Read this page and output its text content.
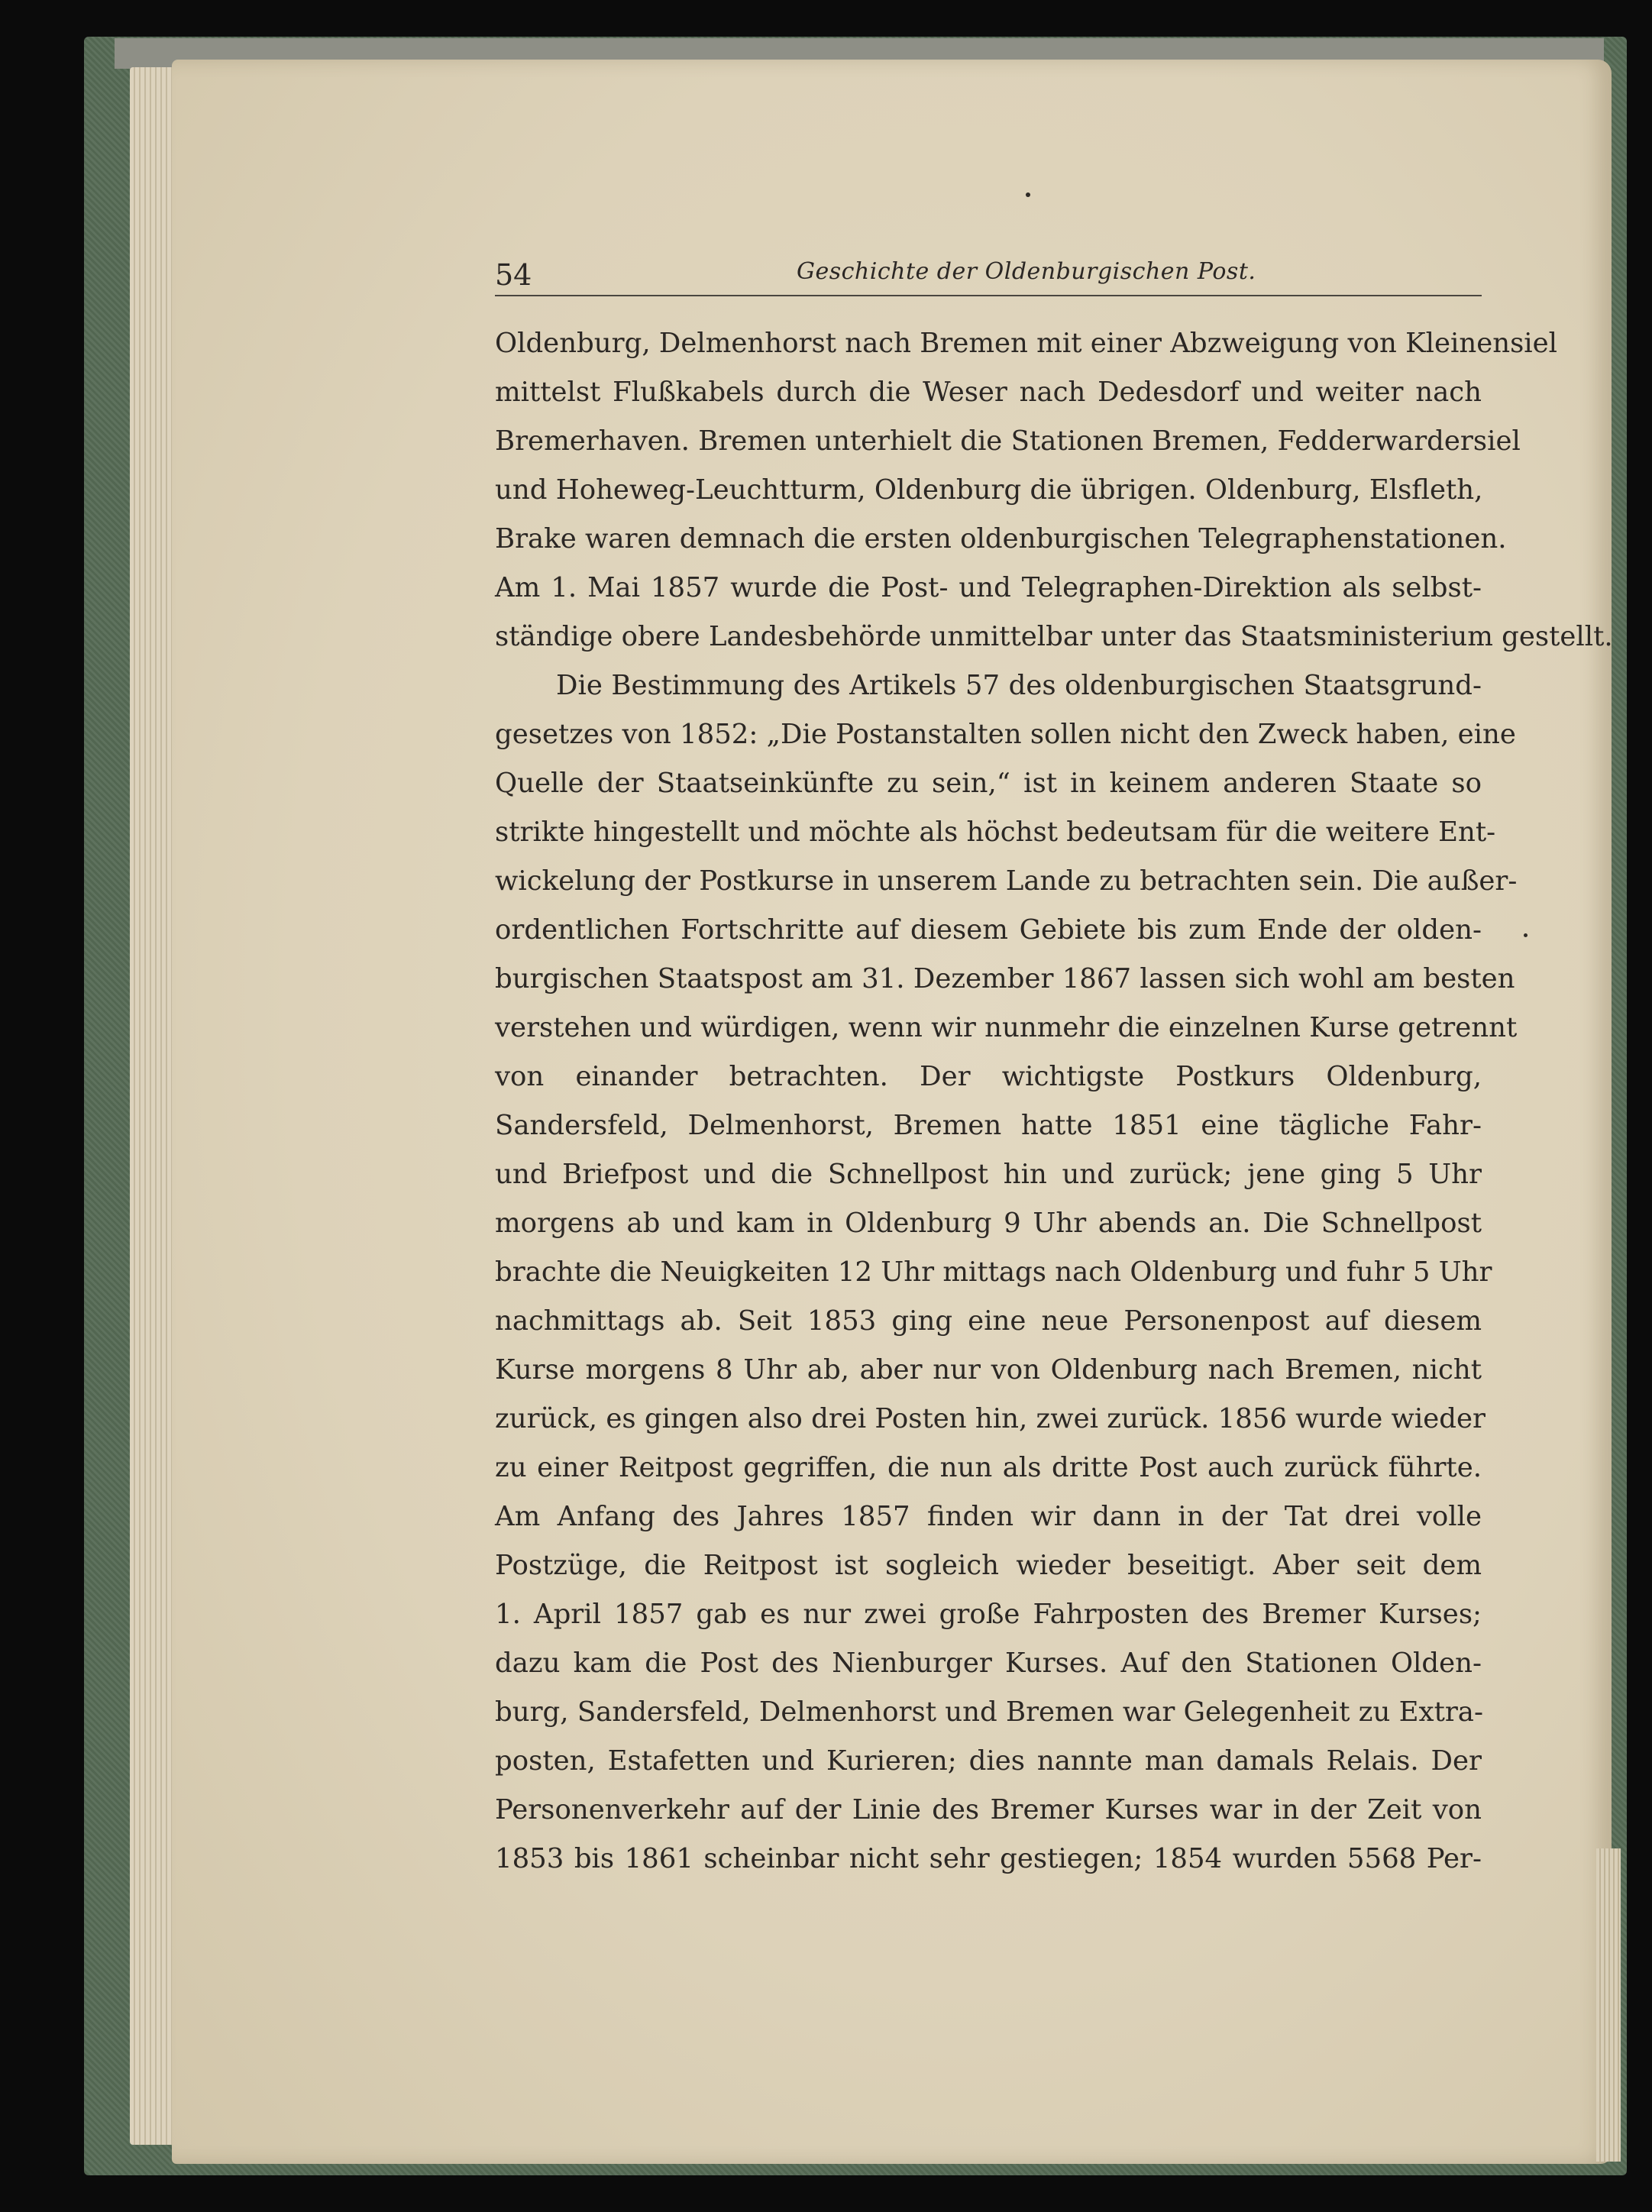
54	Geschichte der Oldenburgischen Post.
Oldenburg, Delmenhorst nach Bremen mit einer Abzweigung von Kleinensiel
mittelst Flußkabels durch die Weser nach Dedesdorf und weiter nach
Bremerhaven. Bremen unterhielt die Stationen Bremen, Fedderwardersiel
und Hoheweg-Leuchtturm, Oldenburg die übrigen. Oldenburg, Elsfleth,
Brake waren demnach die ersten oldenburgischen Telegraphenstationen.
Am 1. Mai 1857 wurde die Post- und Telegraphen-Direktion als selbst-
ständige obere Landesbehörde unmittelbar unter das Staatsministerium gestellt.
Die Bestimmung des Artikels 57 des oldenburgischen Staatsgrund-
gesetzes von 1852: „Die Postanstalten sollen nicht den Zweck haben, eine
Quelle der Staatseinkünfte zu sein,“ ist in keinem anderen Staate so
strikte hingestellt und möchte als höchst bedeutsam für die weitere Ent-
wickelung der Postkurse in unserem Lande zu betrachten sein. Die außer-
ordentlichen Fortschritte auf diesem Gebiete bis zum Ende der olden-
burgischen Staatspost am 31. Dezember 1867 lassen sich wohl am besten
verstehen und würdigen, wenn wir nunmehr die einzelnen Kurse getrennt
von einander betrachten. Der wichtigste Postkurs Oldenburg,
Sandersfeld, Delmenhorst, Bremen hatte 1851 eine tägliche Fahr-
und Briefpost und die Schnellpost hin und zurück; jene ging 5 Uhr
morgens ab und kam in Oldenburg 9 Uhr abends an. Die Schnellpost
brachte die Neuigkeiten 12 Uhr mittags nach Oldenburg und fuhr 5 Uhr
nachmittags ab. Seit 1853 ging eine neue Personenpost auf diesem
Kurse morgens 8 Uhr ab, aber nur von Oldenburg nach Bremen, nicht
zurück, es gingen also drei Posten hin, zwei zurück. 1856 wurde wieder
zu einer Reitpost gegriffen, die nun als dritte Post auch zurück führte.
Am Anfang des Jahres 1857 finden wir dann in der Tat drei volle
Postzüge, die Reitpost ist sogleich wieder beseitigt. Aber seit dem
1. April 1857 gab es nur zwei große Fahrposten des Bremer Kurses;
dazu kam die Post des Nienburger Kurses. Auf den Stationen Olden-
burg, Sandersfeld, Delmenhorst und Bremen war Gelegenheit zu Extra-
posten, Estafetten und Kurieren; dies nannte man damals Relais. Der
Personenverkehr auf der Linie des Bremer Kurses war in der Zeit von
1853 bis 1861 scheinbar nicht sehr gestiegen; 1854 wurden 5568 Per-
